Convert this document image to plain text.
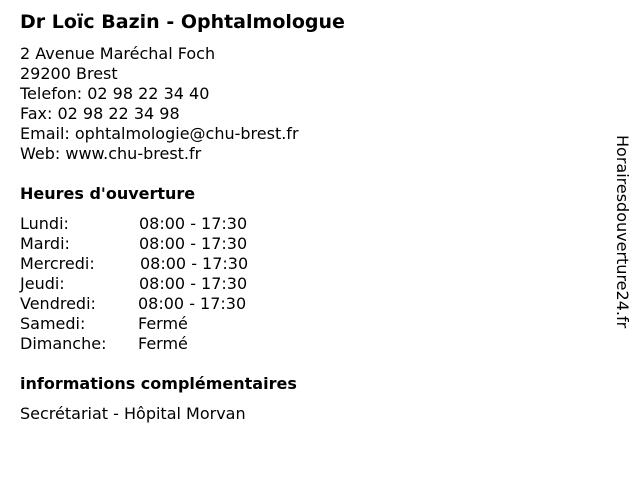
Dr Loïc Bazin - Ophtalmologue
2 Avenue Maréchal Foch
29200 Brest
Telefon: 02 98 22 34 40
Fax: 02 98 22 34 98
Email: ophtalmologie@chu-brest.fr
Web: www.chu-brest.fr
Heures d'ouverture
Lundi:	08:00 - 17:30
Mardi:	08:00 - 17:30
Mercredi:	08:00 - 17:30
Jeudi:	08:00 - 17:30
Vendredi:	08:00 - 17:30
Samedi:	Fermé
Dimanche: Fermé
informations complémentaires
Secrétariat - Hôpital Morvan
Horairesdouverture24.fr
